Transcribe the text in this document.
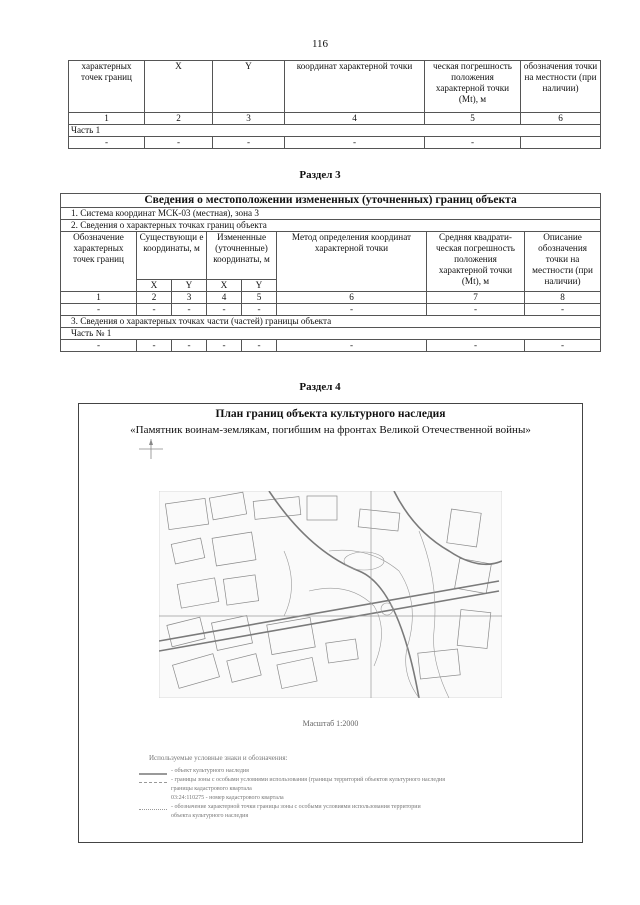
116
характерных точек границ	X	Y	координат характерной точки	ческая погрешность положения характерной точки (Mt), м	обозначения точки на местности (при наличии)
1	2	3	4	5	6
Часть 1					
-	-	-	-	-	
Раздел 3
Сведения о местоположении измененных (уточненных) границ объекта							
1. Система координат МСК-03 (местная), зона 3							
2. Сведения о характерных точках границ объекта							
Обозначение характерных точек границ	Существующи е координаты, м		Измененные (уточненные) координаты, м		Метод определения координат характерной точки	Средняя квадрати-ческая погрешность положения характерной точки (Mt), м	Описание обозначения точки на местности (при наличии)
	X	Y	X	Y			
1	2	3	4	5	6	7	8
-	-	-	-	-	-	-	-
3. Сведения о характерных точках части (частей) границы объекта							
Часть № 1							
-	-	-	-	-	-	-	-
Раздел 4
План границ объекта культурного наследия
«Памятник воинам-землякам, погибшим на фронтах Великой Отечественной войны»
Масштаб 1:2000
Используемые условные знаки и обозначения:
- объект культурного наследия
- границы зоны с особыми условиями использования (границы территорий объектов культурного наследия
границы кадастрового квартала
03:24:110275 - номер кадастрового квартала
- обозначение характерной точки границы зоны с особыми условиями использования территории
объекта культурного наследия
